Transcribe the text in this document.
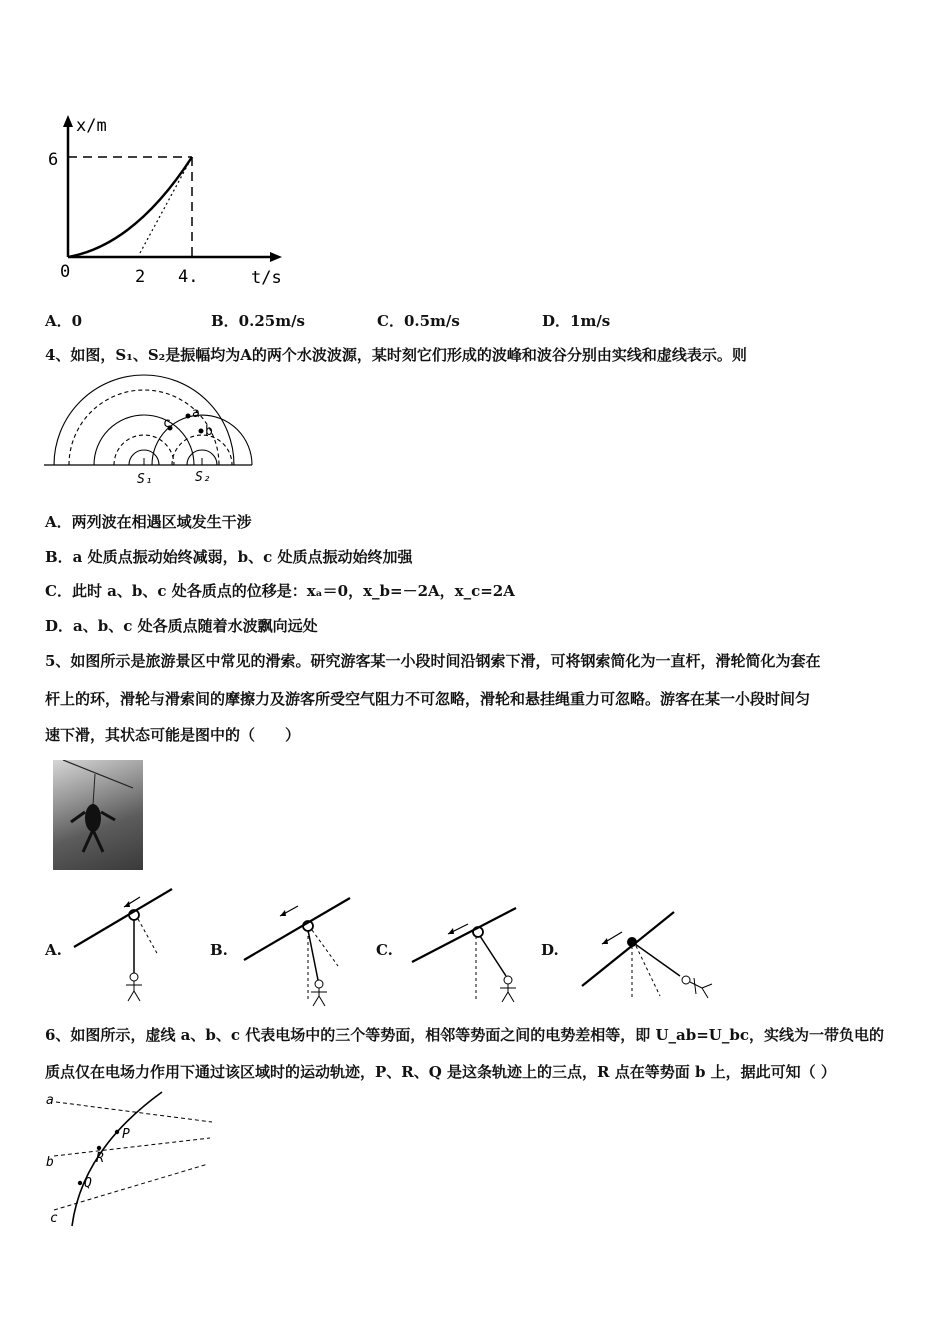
x/m
t/s
0
6
2 4.
A．0	B．0.25m/s	C．0.5m/s	D．1m/s
4、如图，S₁、S₂是振幅均为A的两个水波波源，某时刻它们形成的波峰和波谷分别由实线和虚线表示。则
a
b
c
S₁	S₂
A．两列波在相遇区域发生干涉
B．a 处质点振动始终减弱，b、c 处质点振动始终加强
C．此时 a、b、c 处各质点的位移是：xₐ＝0，x_b=－2A，x_c=2A
D．a、b、c 处各质点随着水波飘向远处
5、如图所示是旅游景区中常见的滑索。研究游客某一小段时间沿钢索下滑，可将钢索简化为一直杆，滑轮简化为套在
杆上的环，滑轮与滑索间的摩擦力及游客所受空气阻力不可忽略，滑轮和悬挂绳重力可忽略。游客在某一小段时间匀
速下滑，其状态可能是图中的（　　）
A.	B.	C.	D.
6、如图所示，虚线 a、b、c 代表电场中的三个等势面，相邻等势面之间的电势差相等，即 U_ab=U_bc，实线为一带负电的
质点仅在电场力作用下通过该区域时的运动轨迹，P、R、Q 是这条轨迹上的三点，R 点在等势面 b 上，据此可知（ ）
a
b
c
P
R
Q
